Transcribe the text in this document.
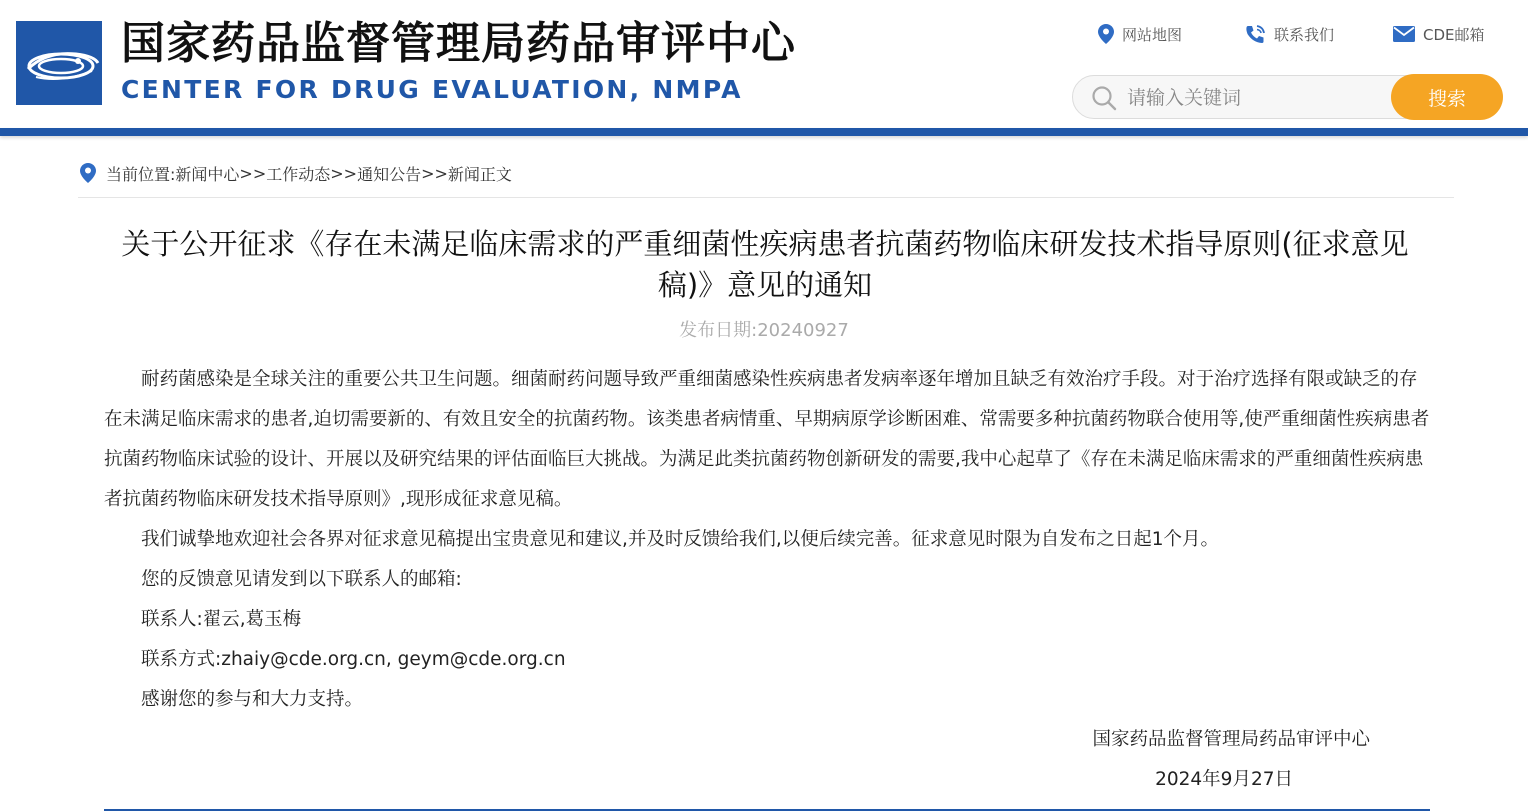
国家药品监督管理局药品审评中心
CENTER FOR DRUG EVALUATION, NMPA
网站地图	联系我们	CDE邮箱
请输入关键词
搜索
当前位置: 新闻中心 >> 工作动态 >> 通知公告 >> 新闻正文
关于公开征求《存在未满足临床需求的严重细菌性疾病患者抗菌药物临床研发技术指导原则(征求意见稿)》意见的通知
发布日期:20240927

耐药菌感染是全球关注的重要公共卫生问题。细菌耐药问题导致严重细菌感染性疾病患者发病率逐年增加且缺乏有效治疗手段。对于治疗选择有限或缺乏的存在未满足临床需求的患者,迫切需要新的、有效且安全的抗菌药物。该类患者病情重、早期病原学诊断困难、常需要多种抗菌药物联合使用等,使严重细菌性疾病患者抗菌药物临床试验的设计、开展以及研究结果的评估面临巨大挑战。为满足此类抗菌药物创新研发的需要,我中心起草了《存在未满足临床需求的严重细菌性疾病患者抗菌药物临床研发技术指导原则》,现形成征求意见稿。

我们诚挚地欢迎社会各界对征求意见稿提出宝贵意见和建议,并及时反馈给我们,以便后续完善。征求意见时限为自发布之日起1个月。

您的反馈意见请发到以下联系人的邮箱:

联系人:翟云,葛玉梅

联系方式:zhaiy@cde.org.cn, geym@cde.org.cn

感谢您的参与和大力支持。

国家药品监督管理局药品审评中心
2024年9月27日
